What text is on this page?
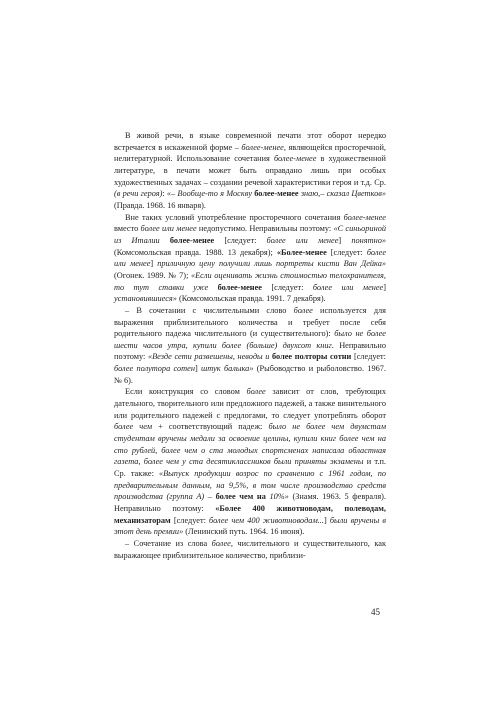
В живой речи, в языке современной печати этот оборот нередко встречается в искаженной форме – более-менее, являющейся просторечной, нелитературной. Использование сочетания более-менее в художественной литературе, в печати может быть оправдано лишь при особых художественных задачах – создании речевой характеристики героя и т.д. Ср. (в речи героя): «– Вообще-то я Москву более-менее знаю,– сказал Цветков» (Правда. 1968. 16 января).

Вне таких условий употребление просторечного сочетания более-менее вместо более или менее недопустимо. Неправильны поэтому: «С синьориной из Италии более-менее [следует: более или менее] понятно» (Комсомольская правда. 1988. 13 декабря); «Более-менее [следует: более или менее] приличную цену получили лишь портреты кисти Ван Дейка» (Огонек. 1989. № 7); «Если оценивать жизнь стоимостью телохранителя, то тут ставки уже более-менее [следует: более или менее] установившиеся» (Комсомольская правда. 1991. 7 декабря).

– В сочетании с числительными слово более используется для выражения приблизительного количества и требует после себя родительного падежа числительного (и существительного): было не более шести часов утра, купили более (больше) двухсот книг. Неправильно поэтому: «Везде сети развешены, неводы и более полторы сотни [следует: более полутора сотен] штук балыка» (Рыбоводство и рыболовство. 1967. № 6).

Если конструкция со словом более зависит от слов, требующих дательного, творительного или предложного падежей, а также винительного или родительного падежей с предлогами, то следует употреблять оборот более чем + соответствующий падеж: было не более чем двумстам студентам вручены медали за освоение целины, купили книг более чем на сто рублей, более чем о ста молодых спортсменах написала областная газета, более чем у ста десятиклассников были приняты экзамены и т.п. Ср. также: «Выпуск продукции возрос по сравнению с 1961 годом, по предварительным данным, на 9,5%, в том числе производство средств производства (группа А) – более чем на 10%» (Знамя. 1963. 5 февраля). Неправильно поэтому: «Более 400 животноводам, полеводам, механизаторам [следует: более чем 400 животноводам...] были вручены в этот день премии» (Ленинский путь. 1964. 16 июня).

– Сочетание из слова более, числительного и существительного, как выражающее приблизительное количество, приблизи-

45
